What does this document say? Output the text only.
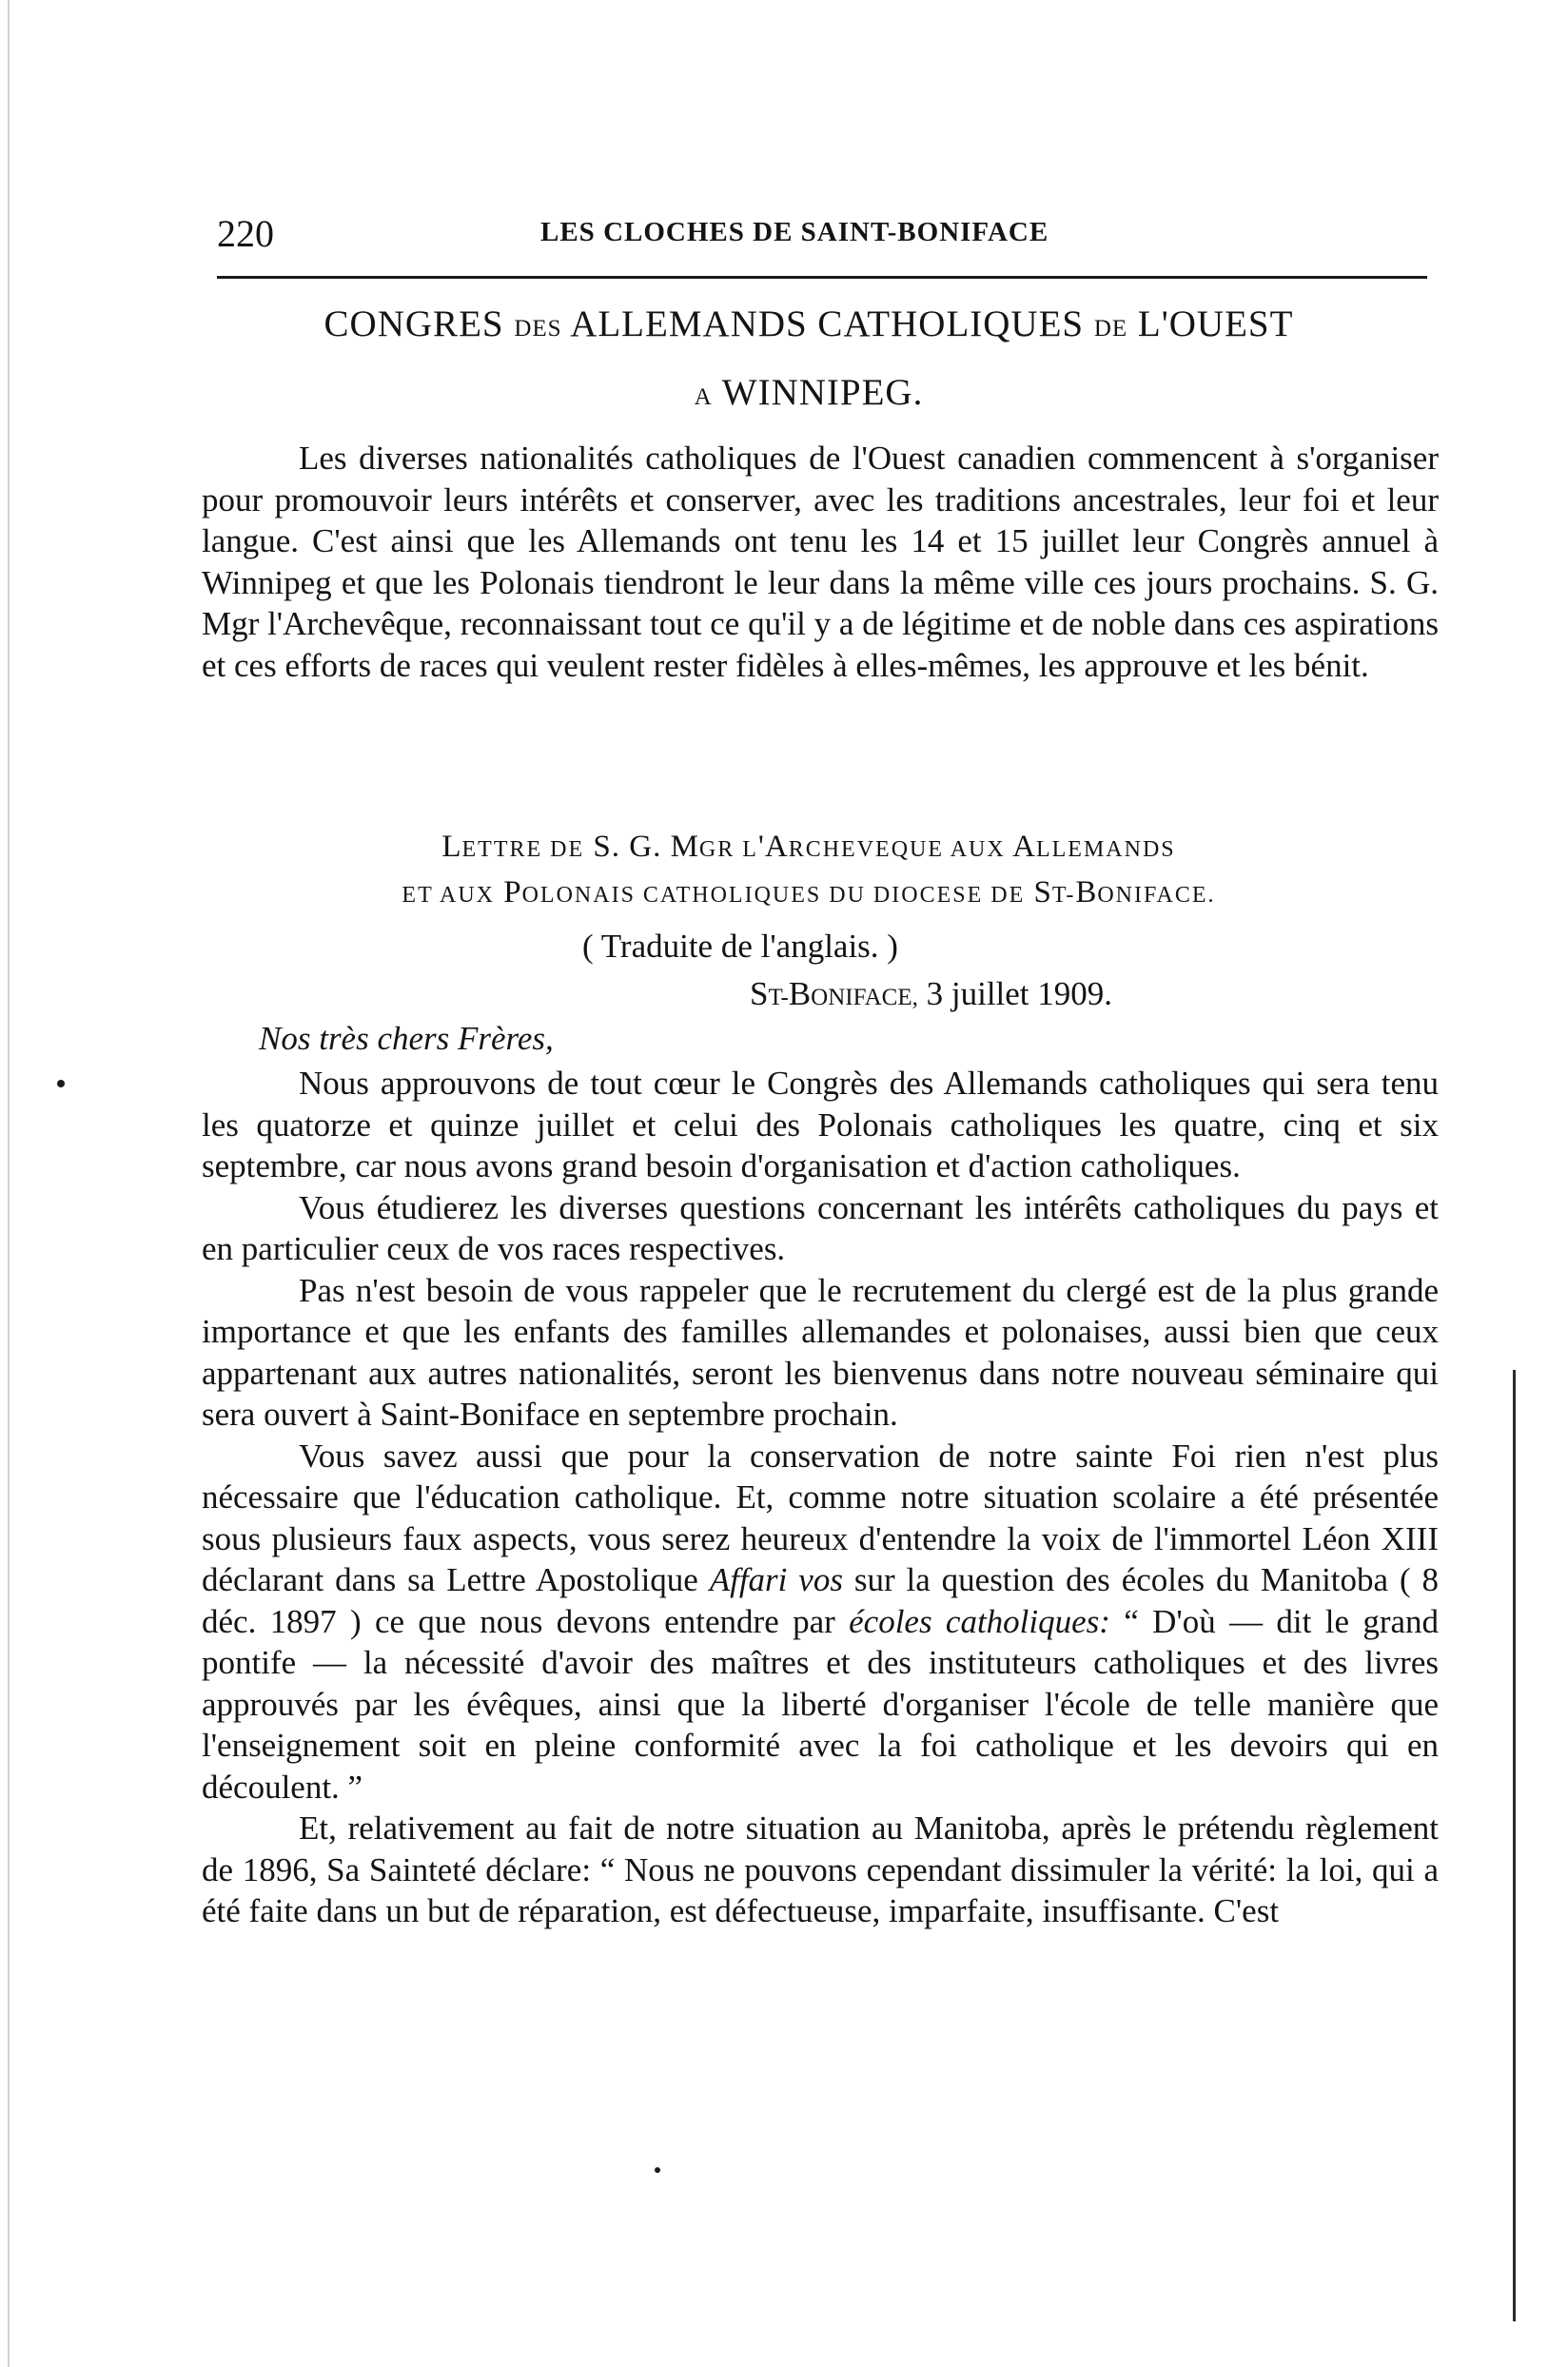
220	LES CLOCHES DE SAINT-BONIFACE
CONGRES DES ALLEMANDS CATHOLIQUES DE L'OUEST
A WINNIPEG.
Les diverses nationalités catholiques de l'Ouest canadien commencent à s'organiser pour promouvoir leurs intérêts et conserver, avec les traditions ancestrales, leur foi et leur langue. C'est ainsi que les Allemands ont tenu les 14 et 15 juillet leur Congrès annuel à Winnipeg et que les Polonais tiendront le leur dans la même ville ces jours prochains. S. G. Mgr l'Archevêque, reconnaissant tout ce qu'il y a de légitime et de noble dans ces aspirations et ces efforts de races qui veulent rester fidèles à elles-mêmes, les approuve et les bénit.
LETTRE DE S. G. MGR L'ARCHEVEQUE AUX ALLEMANDS
ET AUX POLONAIS CATHOLIQUES DU DIOCESE DE ST-BONIFACE.
( Traduite de l'anglais. )
ST-BONIFACE, 3 juillet 1909.
Nos très chers Frères,
Nous approuvons de tout cœur le Congrès des Allemands catholiques qui sera tenu les quatorze et quinze juillet et celui des Polonais catholiques les quatre, cinq et six septembre, car nous avons grand besoin d'organisation et d'action catholiques.
Vous étudierez les diverses questions concernant les intérêts catholiques du pays et en particulier ceux de vos races respectives.
Pas n'est besoin de vous rappeler que le recrutement du clergé est de la plus grande importance et que les enfants des familles allemandes et polonaises, aussi bien que ceux appartenant aux autres nationalités, seront les bienvenus dans notre nouveau séminaire qui sera ouvert à Saint-Boniface en septembre prochain.
Vous savez aussi que pour la conservation de notre sainte Foi rien n'est plus nécessaire que l'éducation catholique. Et, comme notre situation scolaire a été présentée sous plusieurs faux aspects, vous serez heureux d'entendre la voix de l'immortel Léon XIII déclarant dans sa Lettre Apostolique Affari vos sur la question des écoles du Manitoba ( 8 déc. 1897 ) ce que nous devons entendre par écoles catholiques: “ D'où — dit le grand pontife — la nécessité d'avoir des maîtres et des instituteurs catholiques et des livres approuvés par les évêques, ainsi que la liberté d'organiser l'école de telle manière que l'enseignement soit en pleine conformité avec la foi catholique et les devoirs qui en découlent. ”
Et, relativement au fait de notre situation au Manitoba, après le prétendu règlement de 1896, Sa Sainteté déclare: “ Nous ne pouvons cependant dissimuler la vérité: la loi, qui a été faite dans un but de réparation, est défectueuse, imparfaite, insuffisante. C'est
